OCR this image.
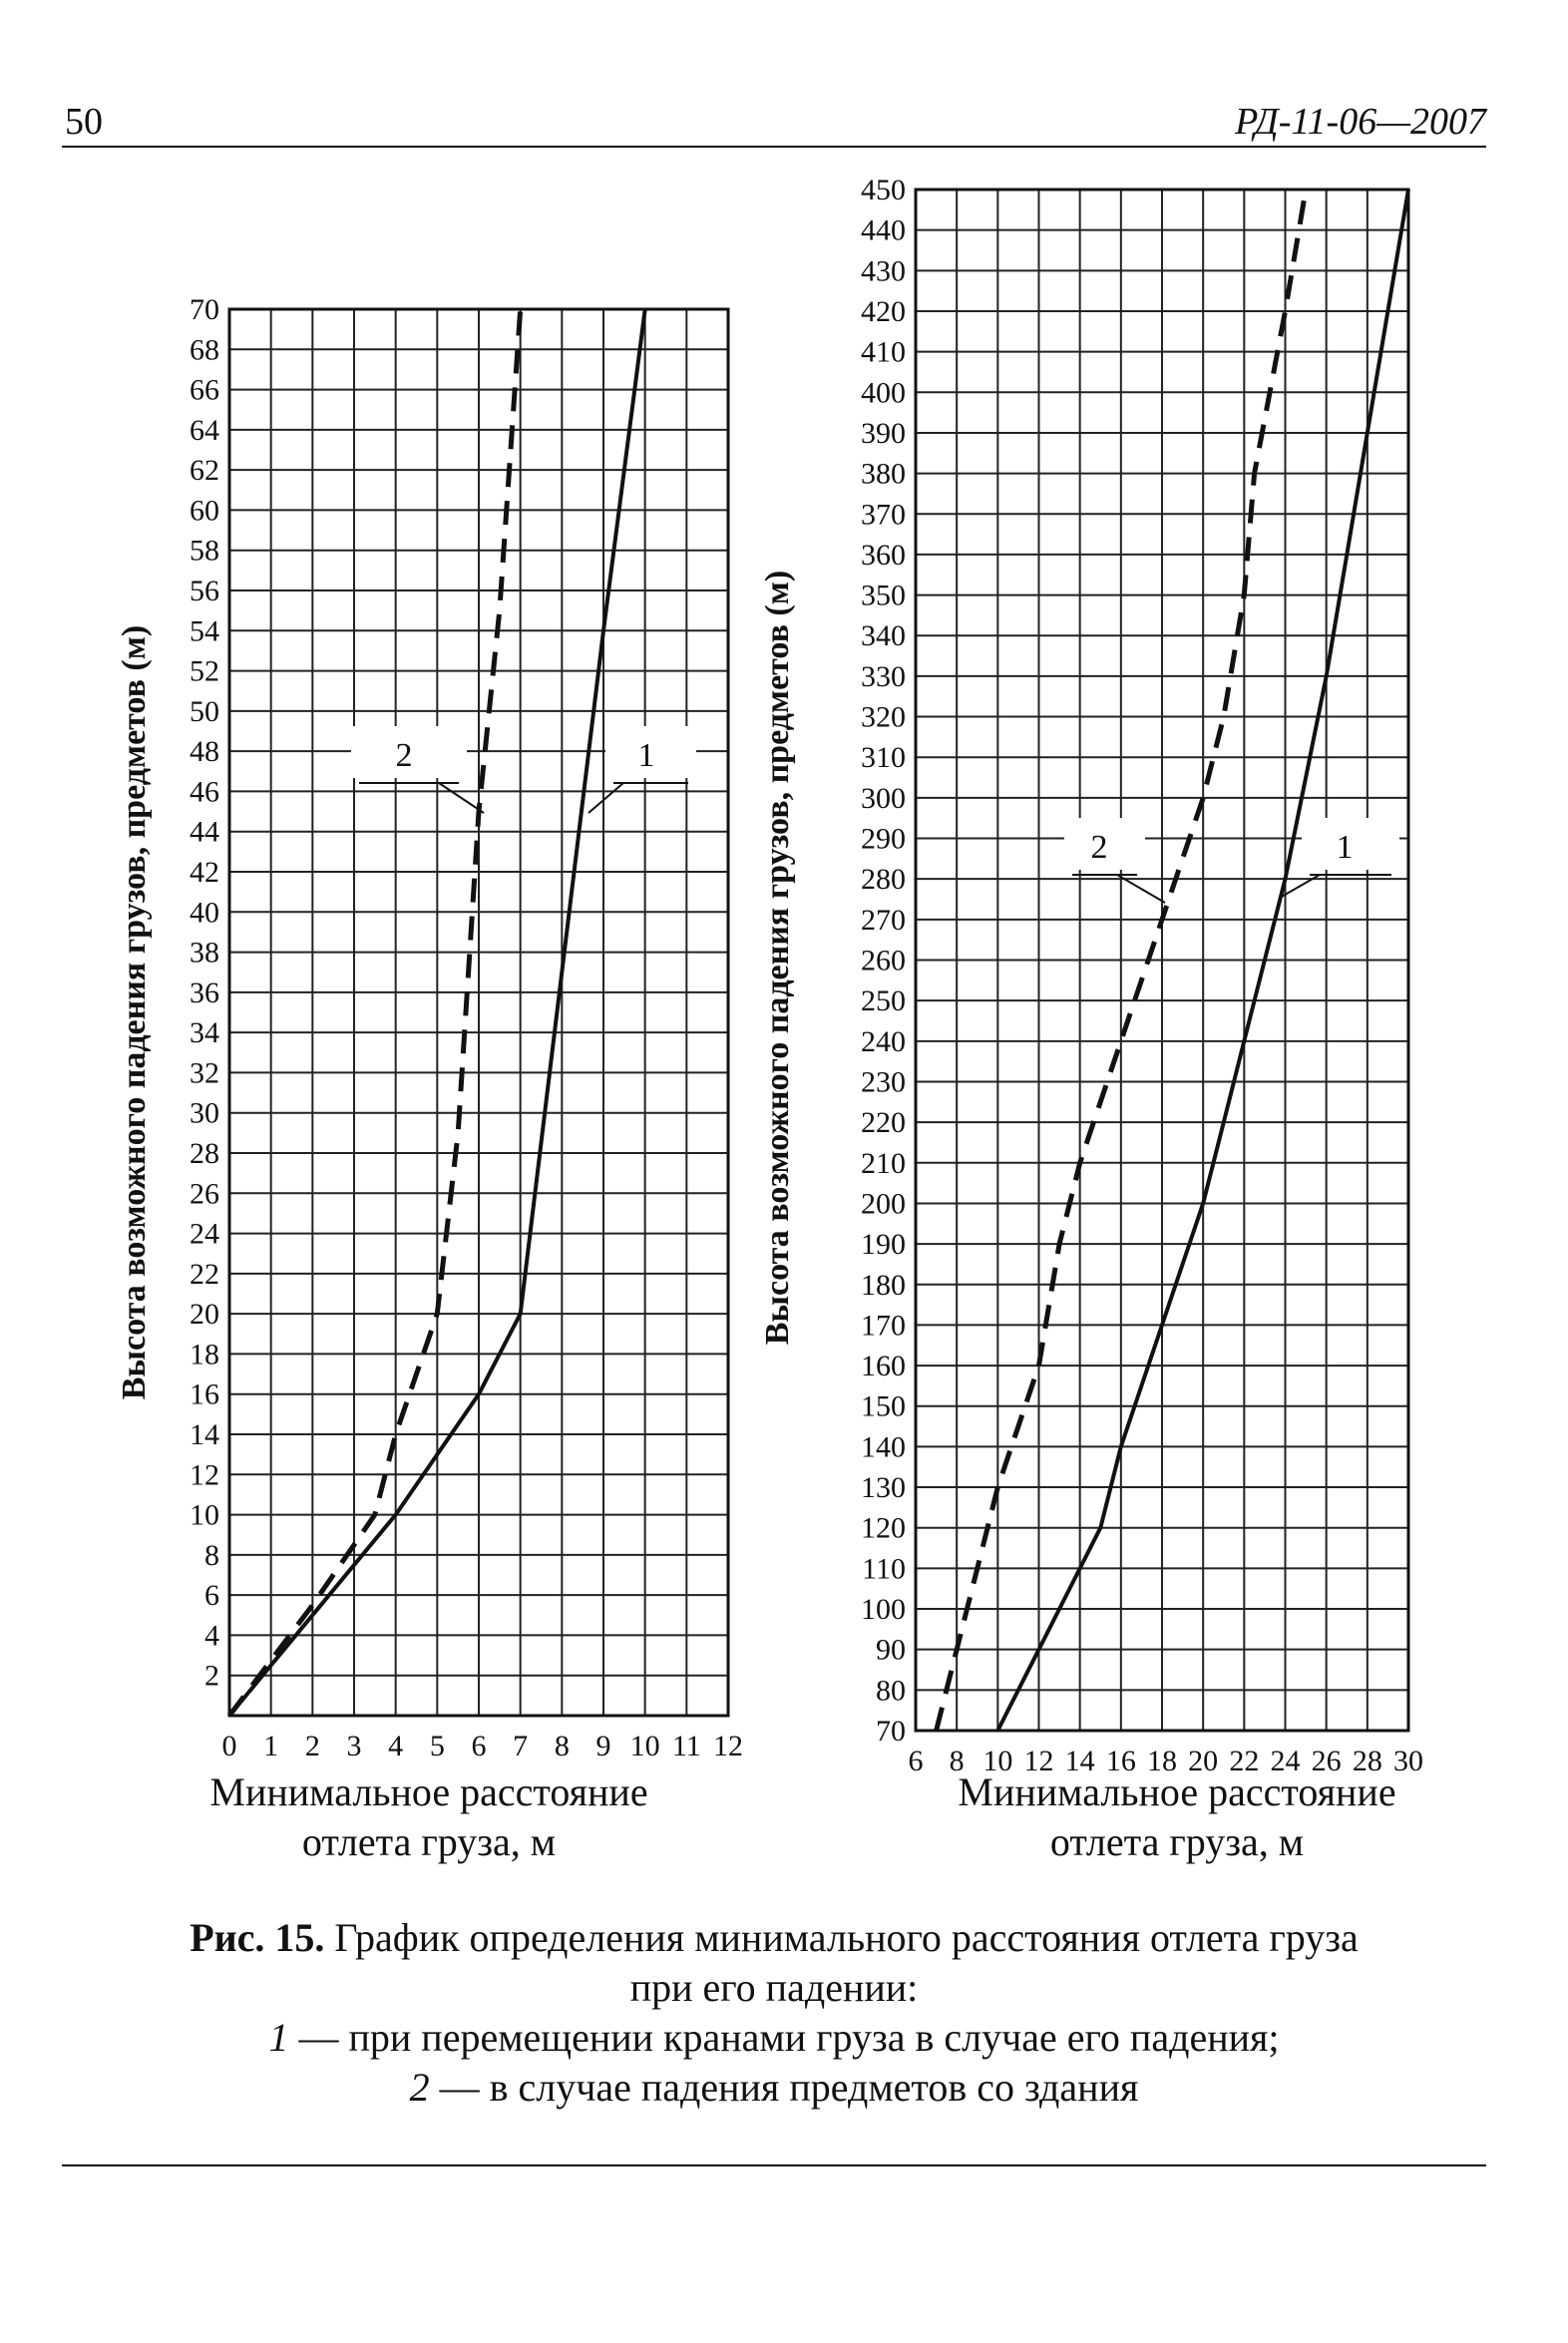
50	РД-11-06—2007
0 1 2 3 4 5 6 7 8 9 10 11 12
2
4
6
8
10
12
14
16
18
20
22
24
26
28
30
32
34
36
38
40
42
44
46
48
50
52
54
56
58
60
62
64
66
68
70
Минимальное расстояние
отлета груза, м
Высота возможного падения грузов, предметов (м)	2	1
6 8 10 12 14 16 18 20 22 24 26 28 30
70
80
90
100
110
120
130
140
150
160
170
180
190
200
210
220
230
240
250
260
270
280
290
300
310
320
330
340
350
360
370
380
390
400
410
420
430
440
450
Минимальное расстояние
отлета груза, м
Высота возможного падения грузов, предметов (м)	2	1
Рис. 15. График определения минимального расстояния отлета груза
при его падении:
1 — при перемещении кранами груза в случае его падения;
2 — в случае падения предметов со здания
